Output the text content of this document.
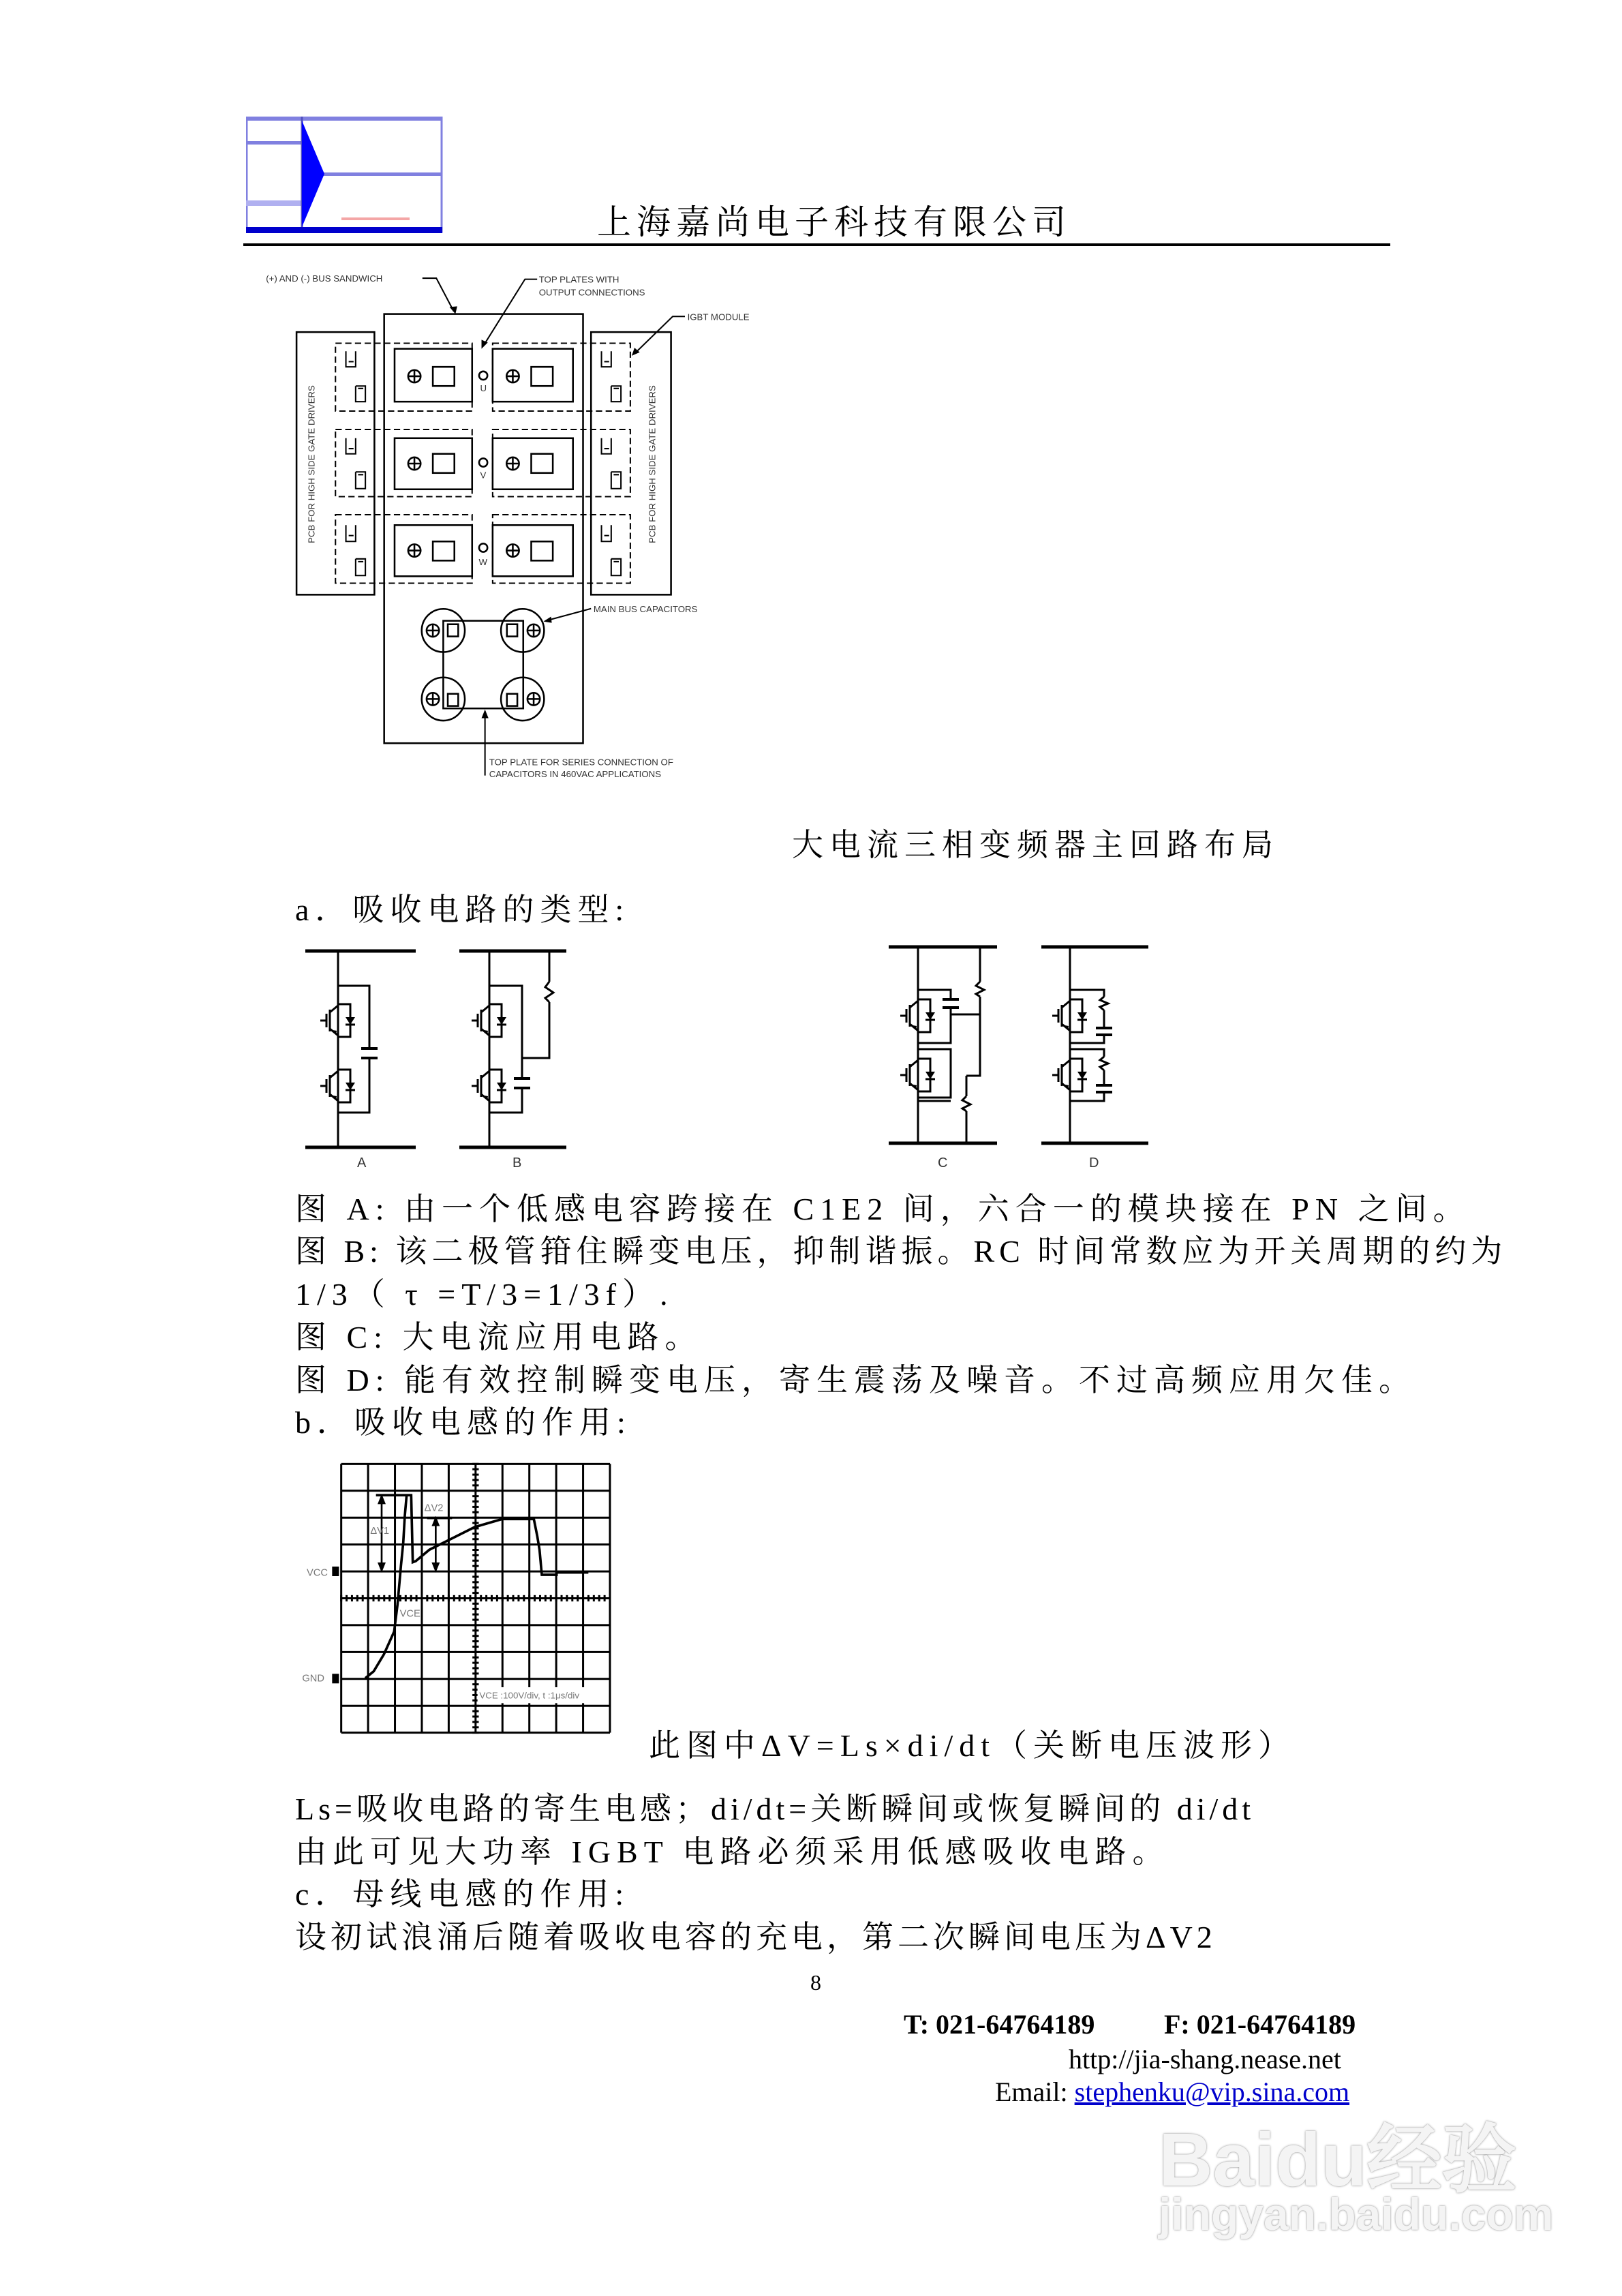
上海嘉尚电子科技有限公司
(+) AND (-) BUS SANDWICH	TOP PLATES WITH
OUTPUT CONNECTIONS
IGBT MODULE
MAIN BUS CAPACITORS
TOP PLATE FOR SERIES CONNECTION OF
CAPACITORS IN 460VAC APPLICATIONS
PCB FOR HIGH SIDE GATE DRIVERS	PCB FOR HIGH SIDE GATE DRIVERS
U
V
W
大电流三相变频器主回路布局
a．吸收电路的类型:
A	B	C	D
图 A: 由一个低感电容跨接在 C1E2 间，六合一的模块接在 PN 之间。
图 B: 该二极管箝住瞬变电压，抑制谐振。RC 时间常数应为开关周期的约为
1/3（ τ =T/3=1/3f）.
图 C: 大电流应用电路。
图 D: 能有效控制瞬变电压，寄生震荡及噪音。不过高频应用欠佳。
b．吸收电感的作用:
VCC
GND
VCE
ΔV1
ΔV2
VCE :100V/div, t :1μs/div
此图中ΔV=Ls×di/dt（关断电压波形）
Ls=吸收电路的寄生电感；di/dt=关断瞬间或恢复瞬间的 di/dt
由此可见大功率 IGBT 电路必须采用低感吸收电路。
c．母线电感的作用:
设初试浪涌后随着吸收电容的充电，第二次瞬间电压为ΔV2
8
T: 021-64764189	F: 021-64764189
http://jia-shang.nease.net
Email: stephenku@vip.sina.com
Baidu经验
jingyan.baidu.com
